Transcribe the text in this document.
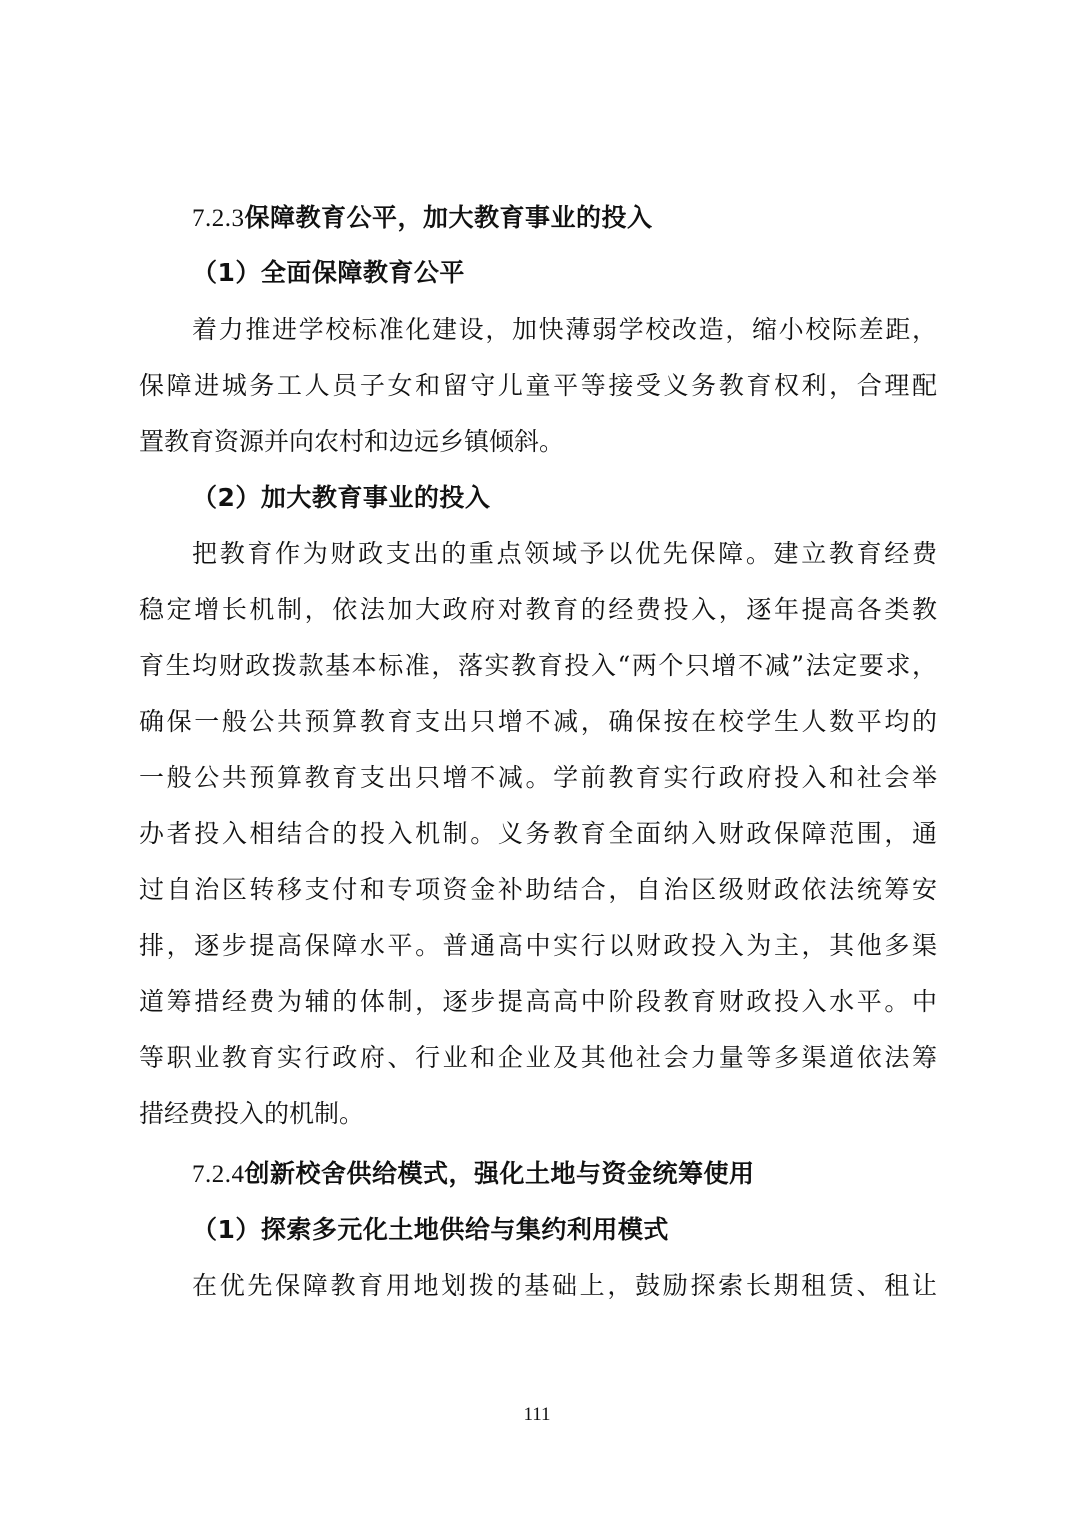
7.2.3保障教育公平，加大教育事业的投入
（1）全面保障教育公平
着力推进学校标准化建设，加快薄弱学校改造，缩小校际差距，
保障进城务工人员子女和留守儿童平等接受义务教育权利，合理配
置教育资源并向农村和边远乡镇倾斜。
（2）加大教育事业的投入
把教育作为财政支出的重点领域予以优先保障。建立教育经费
稳定增长机制，依法加大政府对教育的经费投入，逐年提高各类教
育生均财政拨款基本标准，落实教育投入“两个只增不减”法定要求，
确保一般公共预算教育支出只增不减，确保按在校学生人数平均的
一般公共预算教育支出只增不减。学前教育实行政府投入和社会举
办者投入相结合的投入机制。义务教育全面纳入财政保障范围，通
过自治区转移支付和专项资金补助结合，自治区级财政依法统筹安
排，逐步提高保障水平。普通高中实行以财政投入为主，其他多渠
道筹措经费为辅的体制，逐步提高高中阶段教育财政投入水平。中
等职业教育实行政府、行业和企业及其他社会力量等多渠道依法筹
措经费投入的机制。
7.2.4创新校舍供给模式，强化土地与资金统筹使用
（1）探索多元化土地供给与集约利用模式
在优先保障教育用地划拨的基础上，鼓励探索长期租赁、租让
111
